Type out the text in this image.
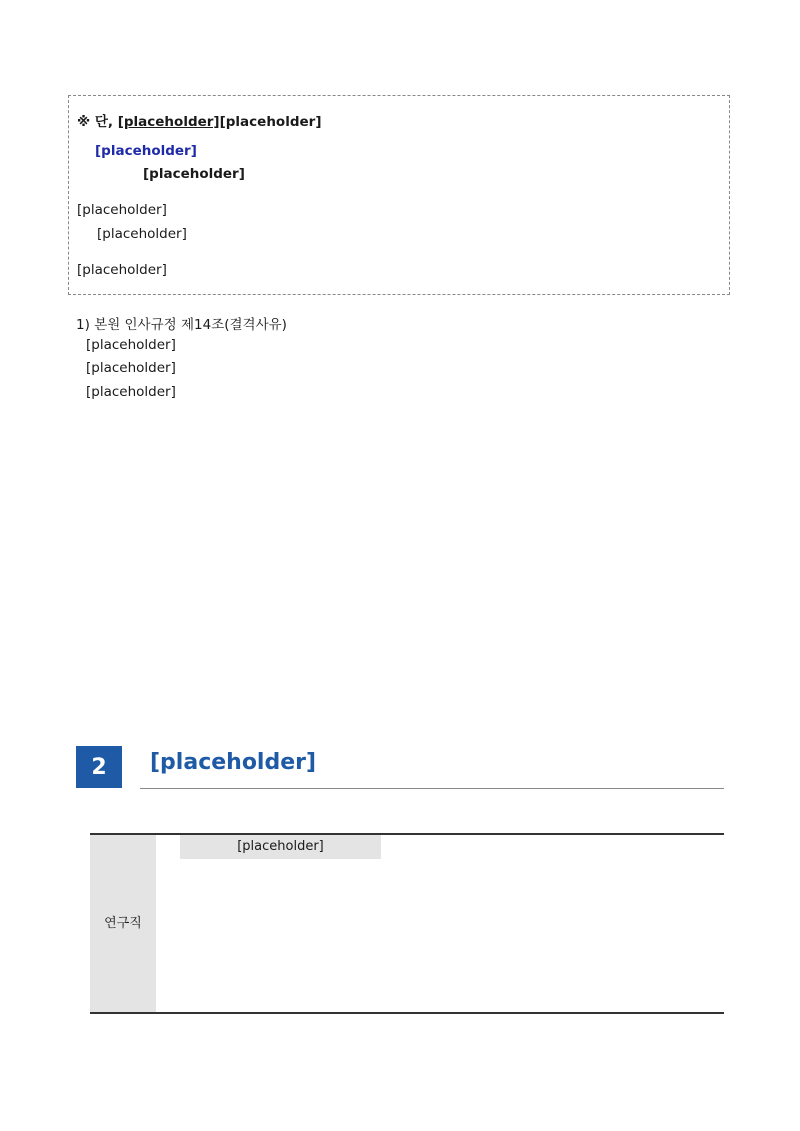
※ 단, [placeholder][placeholder]
[placeholder]
[placeholder]
[placeholder]
[placeholder]
[placeholder]
1) 본원 인사규정 제14조(결격사유)
[placeholder]
[placeholder]
[placeholder]
2	[placeholder]
연구직
[placeholder]
